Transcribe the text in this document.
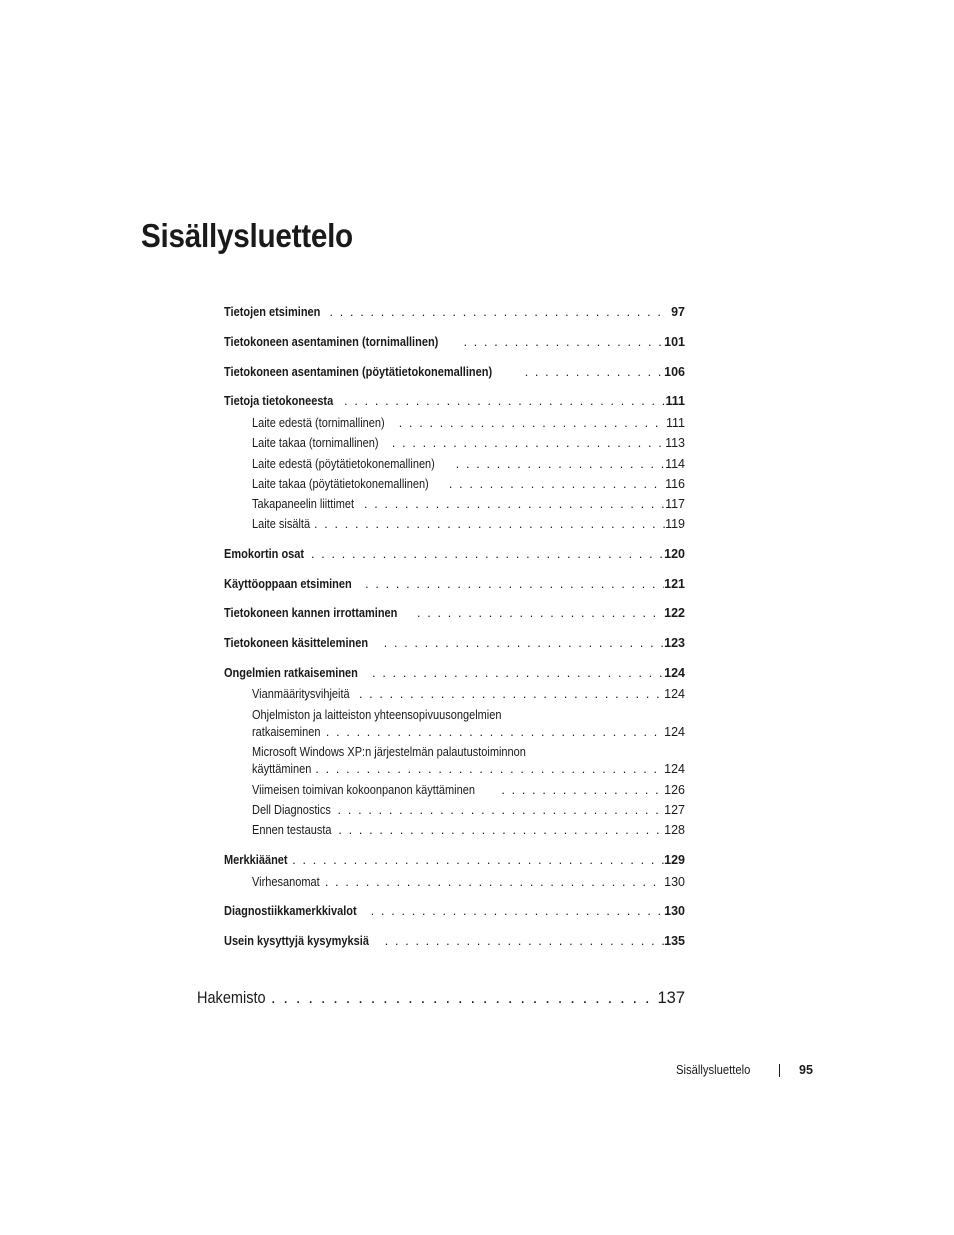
Sisällysluettelo
Tietojen etsiminen . . .	97
Tietokoneen asentaminen (tornimallinen) . . .	101
Tietokoneen asentaminen (pöytätietokonemallinen) . . .	106
Tietoja tietokoneesta . . .	111
Laite edestä (tornimallinen) . . .	111
Laite takaa (tornimallinen) . . .	113
Laite edestä (pöytätietokonemallinen) . . .	114
Laite takaa (pöytätietokonemallinen) . . .	116
Takapaneelin liittimet . . .	117
Laite sisältä . . .	119
Emokortin osat . . .	120
Käyttöoppaan etsiminen . . .	121
Tietokoneen kannen irrottaminen . . .	122
Tietokoneen käsitteleminen . . .	123
Ongelmien ratkaiseminen . . .	124
Vianmääritysvihjeitä . . .	124
Ohjelmiston ja laitteiston yhteensopivuusongelmien
ratkaiseminen . . .	124
Microsoft Windows XP:n järjestelmän palautustoiminnon
käyttäminen . . .	124
Viimeisen toimivan kokoonpanon käyttäminen . . .	126
Dell Diagnostics . . .	127
Ennen testausta . . .	128
Merkkiäänet . . .	129
Virhesanomat . . .	130
Diagnostiikkamerkkivalot . . .	130
Usein kysyttyjä kysymyksiä . . .	135
Hakemisto . . .	137
Sisällysluettelo	95
